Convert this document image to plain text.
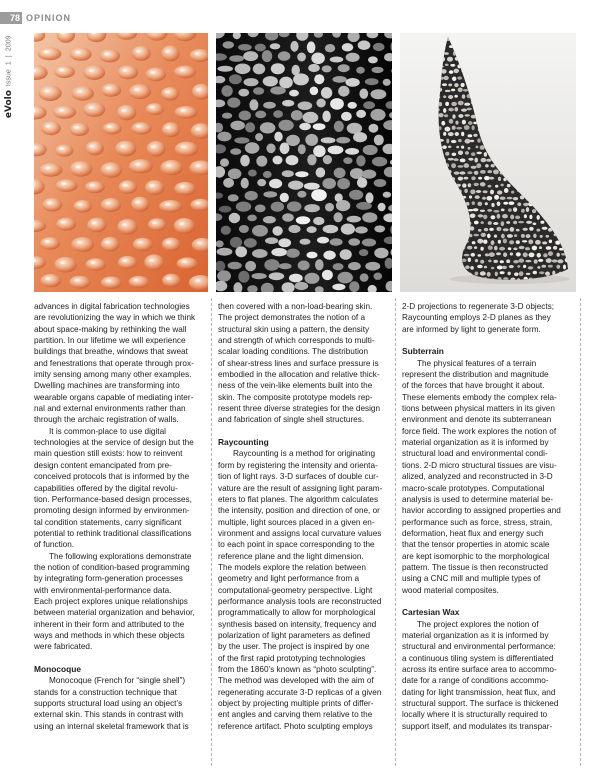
78 OPINION
eVolo
Issue
1
|
2009

advances in digital fabrication technologies
are revolutionizing the way in which we think
about space-making by rethinking the wall
partition. In our lifetime we will experience
buildings that breathe, windows that sweat
and fenestrations that operate through prox-
imity sensing among many other examples.
Dwelling machines are transforming into
wearable organs capable of mediating inter-
nal and external environments rather than
through the archaic registration of walls.

It is common-place to use digital
technologies at the service of design but the
main question still exists: how to reinvent
design content emancipated from pre-
conceived protocols that is informed by the
capabilities offered by the digital revolu-
tion. Performance-based design processes,
promoting design informed by environmen-
tal condition statements, carry significant
potential to rethink traditional classifications
of function.

The following explorations demonstrate
the notion of condition-based programming
by integrating form-generation processes
with environmental-performance data.
Each project explores unique relationships
between material organization and behavior,
inherent in their form and attributed to the
ways and methods in which these objects
were fabricated.

Monocoque

Monocoque (French for “single shell”)
stands for a construction technique that
supports structural load using an object’s
external skin. This stands in contrast with
using an internal skeletal framework that is

then covered with a non-load-bearing skin.
The project demonstrates the notion of a
structural skin using a pattern, the density
and strength of which corresponds to multi-
scalar loading conditions. The distribution
of shear-stress lines and surface pressure is
embodied in the allocation and relative thick-
ness of the vein-like elements built into the
skin. The composite prototype models rep-
resent three diverse strategies for the design
and fabrication of single shell structures.

Raycounting

Raycounting is a method for originating
form by registering the intensity and orienta-
tion of light rays. 3-D surfaces of double cur-
vature are the result of assigning light param-
eters to flat planes. The algorithm calculates
the intensity, position and direction of one, or
multiple, light sources placed in a given en-
vironment and assigns local curvature values
to each point in space corresponding to the
reference plane and the light dimension.
The models explore the relation between
geometry and light performance from a
computational-geometry perspective. Light
performance analysis tools are reconstructed
programmatically to allow for morphological
synthesis based on intensity, frequency and
polarization of light parameters as defined
by the user. The project is inspired by one
of the first rapid prototyping technologies
from the 1860’s known as “photo sculpting”.
The method was developed with the aim of
regenerating accurate 3-D replicas of a given
object by projecting multiple prints of differ-
ent angles and carving them relative to the
reference artifact. Photo sculpting employs

2-D projections to regenerate 3-D objects;
Raycounting employs 2-D planes as they
are informed by light to generate form.

Subterrain

The physical features of a terrain
represent the distribution and magnitude
of the forces that have brought it about.
These elements embody the complex rela-
tions between physical matters in its given
environment and denote its subterranean
force field. The work explores the notion of
material organization as it is informed by
structural load and environmental condi-
tions. 2-D micro structural tissues are visu-
alized, analyzed and reconstructed in 3-D
macro-scale prototypes. Computational
analysis is used to determine material be-
havior according to assigned properties and
performance such as force, stress, strain,
deformation, heat flux and energy such
that the tensor properties in atomic scale
are kept isomorphic to the morphological
pattern. The tissue is then reconstructed
using a CNC mill and multiple types of
wood material composites.

Cartesian Wax

The project explores the notion of
material organization as it is informed by
structural and environmental performance:
a continuous tiling system is differentiated
across its entire surface area to accommo-
date for a range of conditions accommo-
dating for light transmission, heat flux, and
structural support. The surface is thickened
locally where it is structurally required to
support itself, and modulates its transpar-
